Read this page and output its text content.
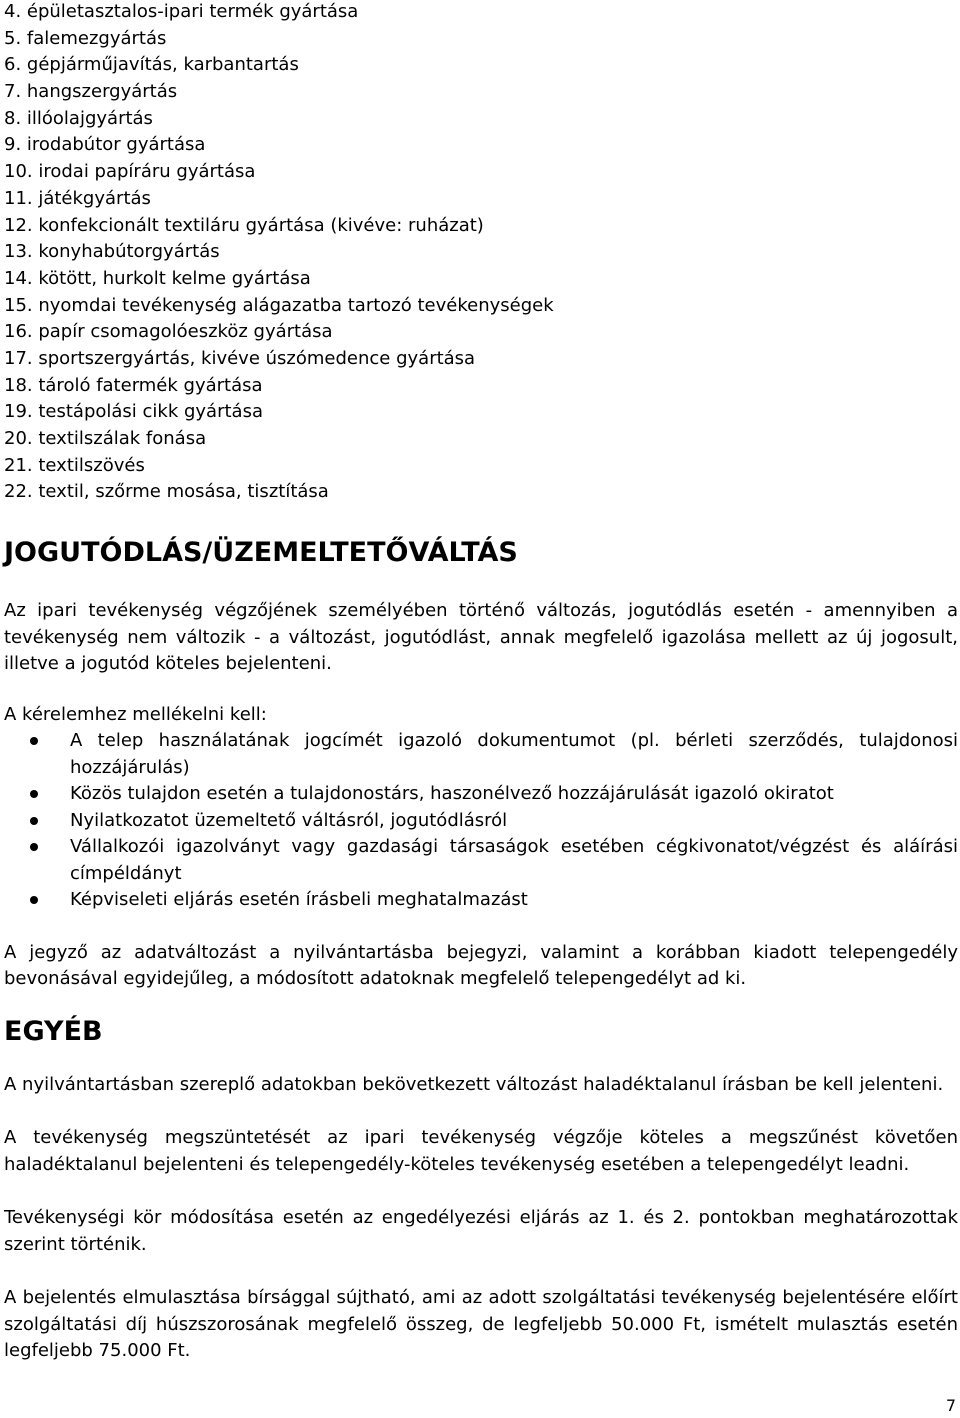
4. épületasztalos-ipari termék gyártása
5. falemezgyártás
6. gépjárműjavítás, karbantartás
7. hangszergyártás
8. illóolajgyártás
9. irodabútor gyártása
10. irodai papíráru gyártása
11. játékgyártás
12. konfekcionált textiláru gyártása (kivéve: ruházat)
13. konyhabútorgyártás
14. kötött, hurkolt kelme gyártása
15. nyomdai tevékenység alágazatba tartozó tevékenységek
16. papír csomagolóeszköz gyártása
17. sportszergyártás, kivéve úszómedence gyártása
18. tároló fatermék gyártása
19. testápolási cikk gyártása
20. textilszálak fonása
21. textilszövés
22. textil, szőrme mosása, tisztítása
JOGUTÓDLÁS/ÜZEMELTETŐVÁLTÁS

Az ipari tevékenység végzőjének személyében történő változás, jogutódlás esetén - amennyiben a tevékenység nem változik - a változást, jogutódlást, annak megfelelő igazolása mellett az új jogosult, illetve a jogutód köteles bejelenteni.

A kérelemhez mellékelni kell:

A telep használatának jogcímét igazoló dokumentumot (pl. bérleti szerződés, tulajdonosi hozzájárulás)
Közös tulajdon esetén a tulajdonostárs, haszonélvező hozzájárulását igazoló okiratot
Nyilatkozatot üzemeltető váltásról, jogutódlásról
Vállalkozói igazolványt vagy gazdasági társaságok esetében cégkivonatot/végzést és aláírási címpéldányt
Képviseleti eljárás esetén írásbeli meghatalmazást

A jegyző az adatváltozást a nyilvántartásba bejegyzi, valamint a korábban kiadott telepengedély bevonásával egyidejűleg, a módosított adatoknak megfelelő telepengedélyt ad ki.

EGYÉB

A nyilvántartásban szereplő adatokban bekövetkezett változást haladéktalanul írásban be kell jelenteni.

A tevékenység megszüntetését az ipari tevékenység végzője köteles a megszűnést követően haladéktalanul bejelenteni és telepengedély-köteles tevékenység esetében a telepengedélyt leadni.

Tevékenységi kör módosítása esetén az engedélyezési eljárás az 1. és 2. pontokban meghatározottak szerint történik.

A bejelentés elmulasztása bírsággal sújtható, ami az adott szolgáltatási tevékenység bejelentésére előírt szolgáltatási díj húszszorosának megfelelő összeg, de legfeljebb 50.000 Ft, ismételt mulasztás esetén legfeljebb 75.000 Ft.

7
